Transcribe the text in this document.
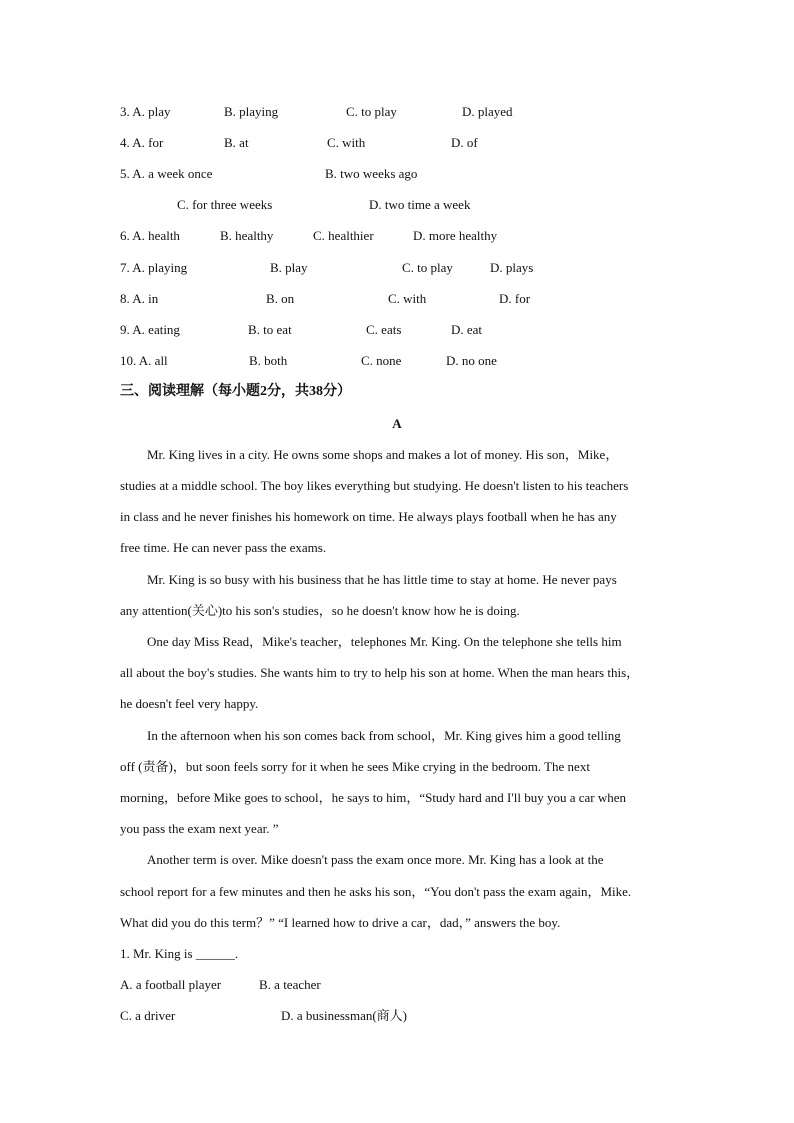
3. A. play	B. playing	C. to play	D. played
4. A. for	B. at	C. with	D. of
5. A. a week once	B. two weeks ago
C. for three weeks	D. two time a week
6. A. health	B. healthy	C. healthier	D. more healthy
7. A. playing	B. play	C. to play	D. plays
8. A. in	B. on	C. with	D. for
9. A. eating	B. to eat	C. eats	D. eat
10. A. all	B. both	C. none	D. no one
三、阅读理解（每小题2分，共38分）
A
Mr. King lives in a city. He owns some shops and makes a lot of money. His son，Mike，
studies at a middle school. The boy likes everything but studying. He doesn't listen to his teachers
in class and he never finishes his homework on time. He always plays football when he has any
free time. He can never pass the exams.
Mr. King is so busy with his business that he has little time to stay at home. He never pays
any attention(关心)to his son's studies，so he doesn't know how he is doing.
One day Miss Read，Mike's teacher，telephones Mr. King. On the telephone she tells him
all about the boy's studies. She wants him to try to help his son at home. When the man hears this，
he doesn't feel very happy.
In the afternoon when his son comes back from school，Mr. King gives him a good telling
off (责备)，but soon feels sorry for it when he sees Mike crying in the bedroom. The next
morning，before Mike goes to school，he says to him，“Study hard and I'll buy you a car when
you pass the exam next year. ”
Another term is over. Mike doesn't pass the exam once more. Mr. King has a look at the
school report for a few minutes and then he asks his son，“You don't pass the exam again，Mike.
What did you do this term？” “I learned how to drive a car，dad，” answers the boy.
1. Mr. King is ______.
A. a football player	B. a teacher
C. a driver	D. a businessman(商人)
